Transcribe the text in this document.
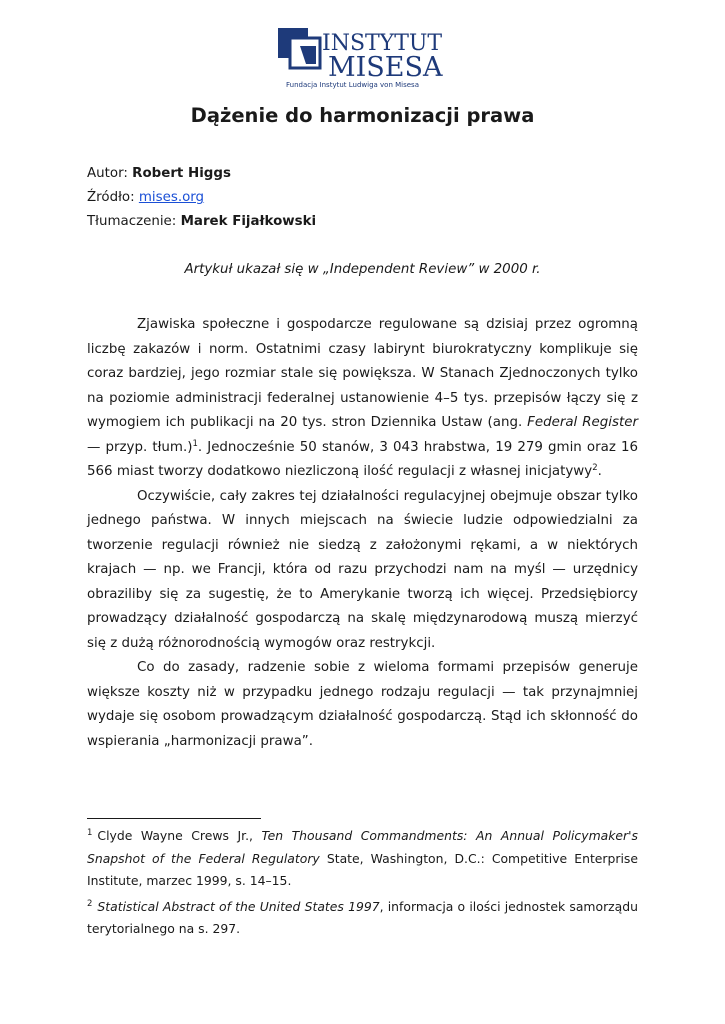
INSTYTUT
MISESA
Fundacja Instytut Ludwiga von Misesa
Dążenie do harmonizacji prawa

Autor: Robert Higgs

Źródło: mises.org

Tłumaczenie: Marek Fijałkowski

Artykuł ukazał się w „Independent Review” w 2000 r.

Zjawiska społeczne i gospodarcze regulowane są dzisiaj przez ogromną liczbę zakazów i norm. Ostatnimi czasy labirynt biurokratyczny komplikuje się coraz bardziej, jego rozmiar stale się powiększa. W Stanach Zjednoczonych tylko na poziomie administracji federalnej ustanowienie 4–5 tys. przepisów łączy się z wymogiem ich publikacji na 20 tys. stron Dziennika Ustaw (ang. Federal Register — przyp. tłum.)$^1$. Jednocześnie 50 stanów, 3 043 hrabstwa, 19 279 gmin oraz 16 566 miast tworzy dodatkowo niezliczoną ilość regulacji z własnej inicjatywy$^2$.

Oczywiście, cały zakres tej działalności regulacyjnej obejmuje obszar tylko jednego państwa. W innych miejscach na świecie ludzie odpowiedzialni za tworzenie regulacji również nie siedzą z założonymi rękami, a w niektórych krajach — np. we Francji, która od razu przychodzi nam na myśl — urzędnicy obraziliby się za sugestię, że to Amerykanie tworzą ich więcej. Przedsiębiorcy prowadzący działalność gospodarczą na skalę międzynarodową muszą mierzyć się z dużą różnorodnością wymogów oraz restrykcji.

Co do zasady, radzenie sobie z wieloma formami przepisów generuje większe koszty niż w przypadku jednego rodzaju regulacji — tak przynajmniej wydaje się osobom prowadzącym działalność gospodarczą. Stąd ich skłonność do wspierania „harmonizacji prawa”.

$^1$ Clyde Wayne Crews Jr., Ten Thousand Commandments: An Annual Policymaker's Snapshot of the Federal Regulatory State, Washington, D.C.: Competitive Enterprise Institute, marzec 1999, s. 14–15.

$^2$ Statistical Abstract of the United States 1997, informacja o ilości jednostek samorządu terytorialnego na s. 297.
